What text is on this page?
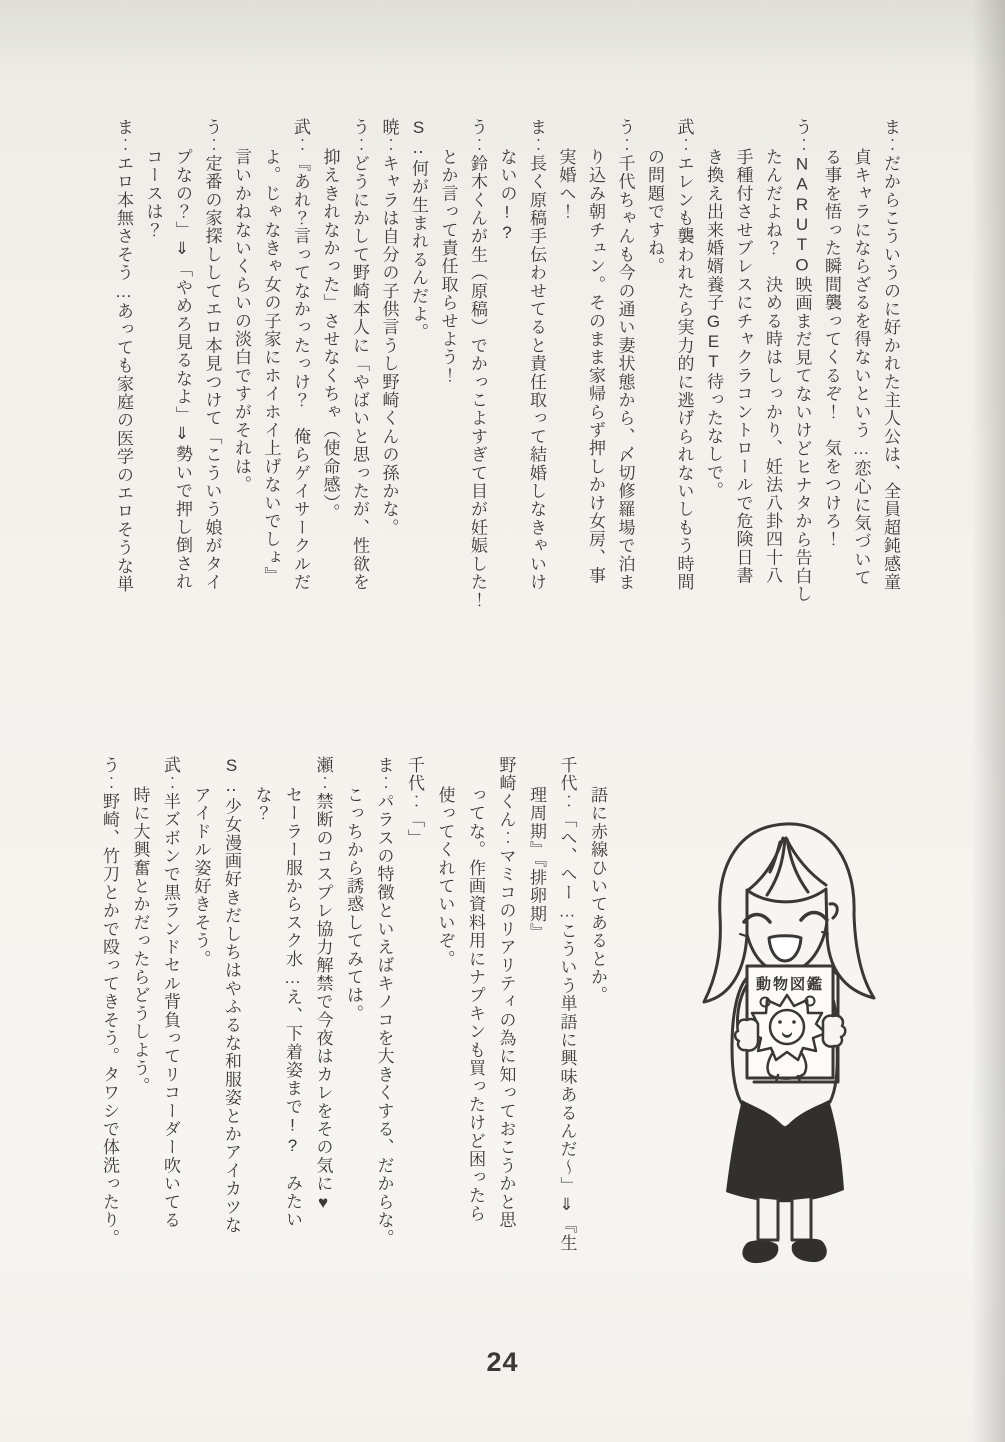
ま‥だからこういうのに好かれた主人公は、全員超鈍感童

貞キャラにならざるを得ないという…恋心に気づいて

る事を悟った瞬間襲ってくるぞ！　気をつけろ！

う‥NARUTO映画まだ見てないけどヒナタから告白し

たんだよね？　決める時はしっかり、妊法八卦四十八

手種付させブレスにチャクラコントロールで危険日書

き換え出来婚婿養子GET待ったなしで。

武‥エレンも襲われたら実力的に逃げられないしもう時間

の問題ですね。

う‥千代ちゃんも今の通い妻状態から、〆切修羅場で泊ま

り込み朝チュン。そのまま家帰らず押しかけ女房、事

実婚へ！

ま‥長く原稿手伝わせてると責任取って結婚しなきゃいけ

ないの!?

う‥鈴木くんが生（原稿）でかっこよすぎて目が妊娠した！

とか言って責任取らせよう！

S‥何が生まれるんだよ。

暁‥キャラは自分の子供言うし野崎くんの孫かな。

う‥どうにかして野崎本人に「やばいと思ったが、性欲を

抑えきれなかった」させなくちゃ（使命感）。

武‥『あれ？言ってなかったっけ？　俺らゲイサークルだ

よ。じゃなきゃ女の子家にホイホイ上げないでしょ』

言いかねないくらいの淡白ですがそれは。

う‥定番の家探ししてエロ本見つけて「こういう娘がタイ

プなの？」⇓「やめろ見るなよ」⇓勢いで押し倒され

コースは？

ま‥エロ本無さそう…あっても家庭の医学のエロそうな単

語に赤線ひいてあるとか。

千代‥「へ、へー…こういう単語に興味あるんだ〜」⇓『生

理周期』『排卵期』

野崎くん‥マミコのリアリティの為に知っておこうかと思

ってな。作画資料用にナプキンも買ったけど困ったら

使ってくれていいぞ。

千代‥「」

ま‥パラスの特徴といえばキノコを大きくする、だからな。

こっちから誘惑してみては。

瀬‥禁断のコスプレ協力解禁で今夜はカレをその気に♥

セーラー服からスク水…え、下着姿まで!?　みたい

な？

S‥少女漫画好きだしちはやふるな和服姿とかアイカツな

アイドル姿好きそう。

武‥半ズボンで黒ランドセル背負ってリコーダー吹いてる

時に大興奮とかだったらどうしよう。

う‥野崎、竹刀とかで殴ってきそう。タワシで体洗ったり。	動物図鑑
24
